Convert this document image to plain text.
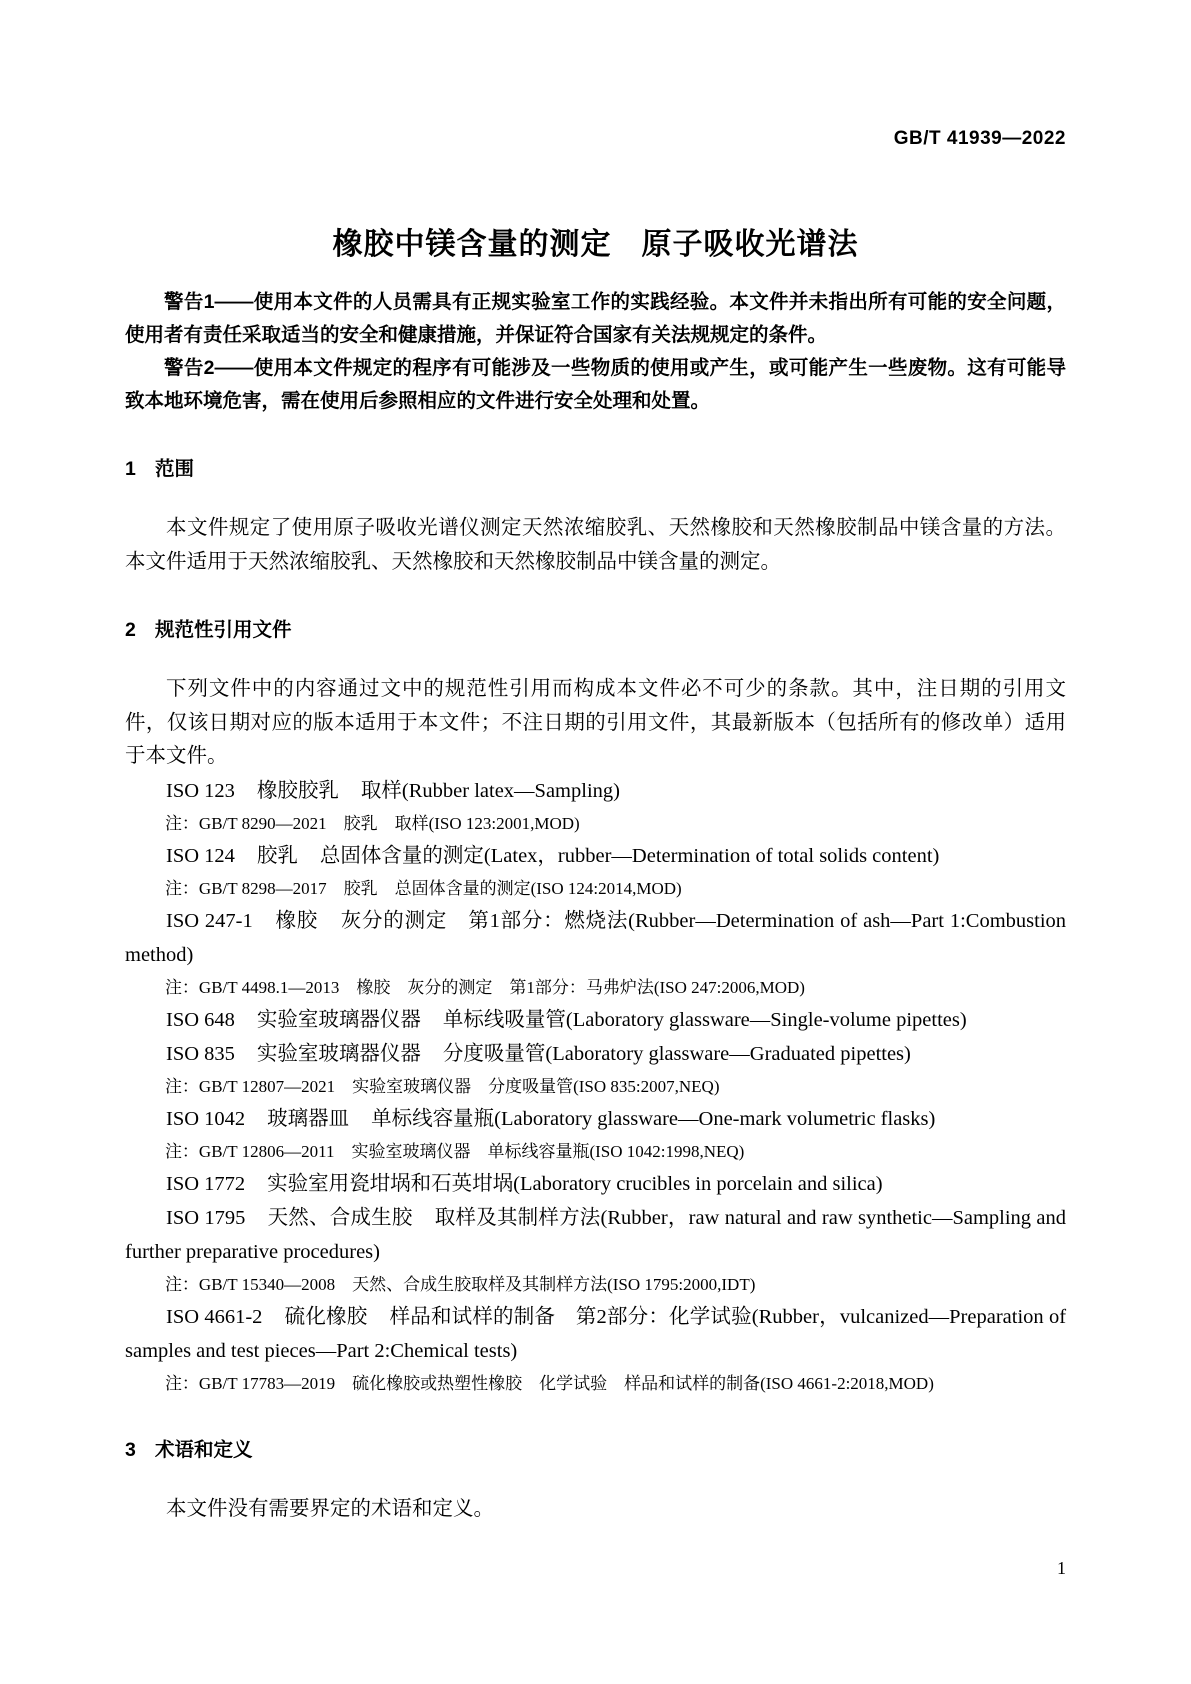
GB/T 41939—2022
橡胶中镁含量的测定 原子吸收光谱法

警告1——使用本文件的人员需具有正规实验室工作的实践经验。本文件并未指出所有可能的安全问题，使用者有责任采取适当的安全和健康措施，并保证符合国家有关法规规定的条件。

警告2——使用本文件规定的程序有可能涉及一些物质的使用或产生，或可能产生一些废物。这有可能导致本地环境危害，需在使用后参照相应的文件进行安全处理和处置。

1 范围

本文件规定了使用原子吸收光谱仪测定天然浓缩胶乳、天然橡胶和天然橡胶制品中镁含量的方法。本文件适用于天然浓缩胶乳、天然橡胶和天然橡胶制品中镁含量的测定。

2 规范性引用文件

下列文件中的内容通过文中的规范性引用而构成本文件必不可少的条款。其中，注日期的引用文件，仅该日期对应的版本适用于本文件；不注日期的引用文件，其最新版本（包括所有的修改单）适用于本文件。

ISO 123 橡胶胶乳 取样(Rubber latex—Sampling)

注：GB/T 8290—2021　胶乳　取样(ISO 123:2001,MOD)

ISO 124 胶乳 总固体含量的测定(Latex，rubber—Determination of total solids content)

注：GB/T 8298—2017　胶乳　总固体含量的测定(ISO 124:2014,MOD)

ISO 247-1 橡胶 灰分的测定　第1部分：燃烧法(Rubber—Determination of ash—Part 1:Combustion method)

注：GB/T 4498.1—2013　橡胶　灰分的测定　第1部分：马弗炉法(ISO 247:2006,MOD)

ISO 648 实验室玻璃器仪器 单标线吸量管(Laboratory glassware—Single-volume pipettes)

ISO 835 实验室玻璃器仪器 分度吸量管(Laboratory glassware—Graduated pipettes)

注：GB/T 12807—2021　实验室玻璃仪器　分度吸量管(ISO 835:2007,NEQ)

ISO 1042 玻璃器皿 单标线容量瓶(Laboratory glassware—One-mark volumetric flasks)

注：GB/T 12806—2011　实验室玻璃仪器　单标线容量瓶(ISO 1042:1998,NEQ)

ISO 1772 实验室用瓷坩埚和石英坩埚(Laboratory crucibles in porcelain and silica)

ISO 1795 天然、合成生胶 取样及其制样方法(Rubber，raw natural and raw synthetic—Sampling and further preparative procedures)

注：GB/T 15340—2008　天然、合成生胶取样及其制样方法(ISO 1795:2000,IDT)

ISO 4661-2 硫化橡胶 样品和试样的制备　第2部分：化学试验(Rubber，vulcanized—Preparation of samples and test pieces—Part 2:Chemical tests)

注：GB/T 17783—2019　硫化橡胶或热塑性橡胶　化学试验　样品和试样的制备(ISO 4661-2:2018,MOD)

3 术语和定义

本文件没有需要界定的术语和定义。

1
